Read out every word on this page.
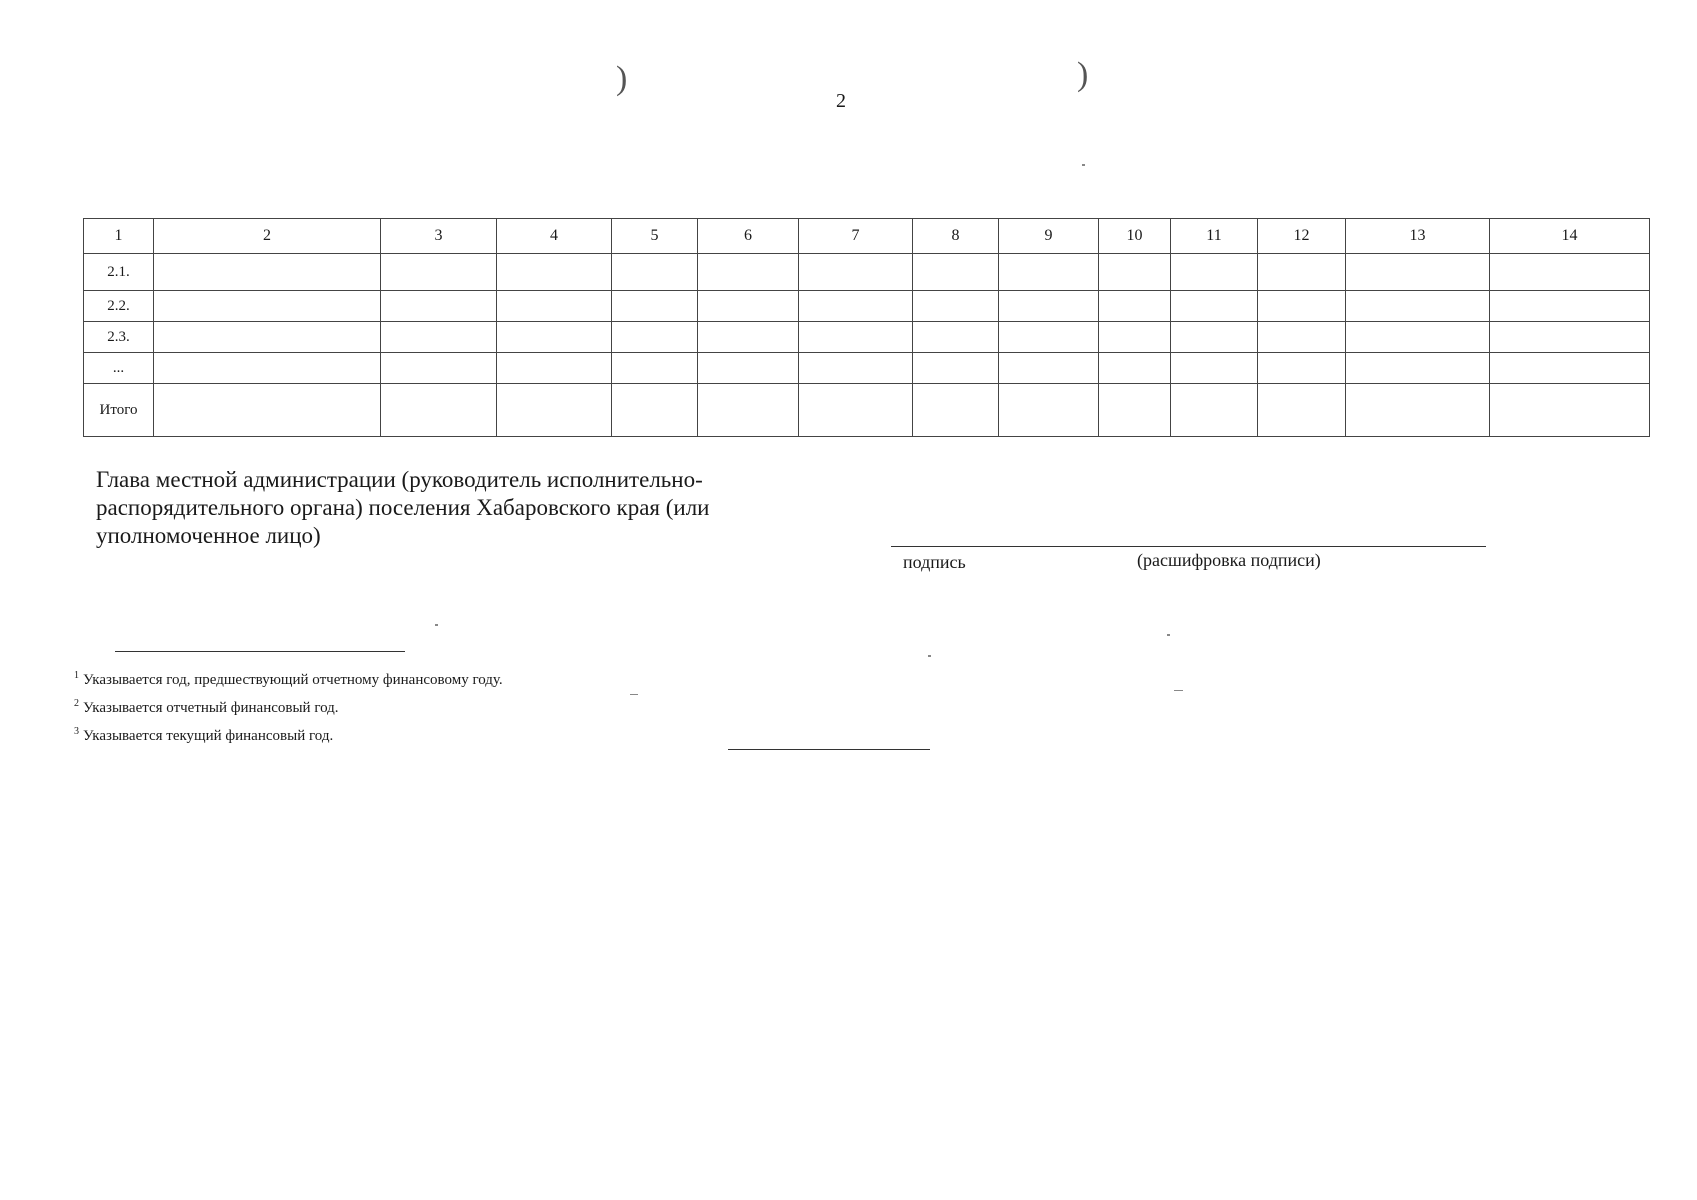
2
)	)
1	2	3	4	5	6	7	8	9	10	11	12	13	14
2.1.													
2.2.													
2.3.													
...													
Итого													
Глава местной администрации (руководитель исполнительно-
распорядительного органа) поселения Хабаровского края (или
уполномоченное лицо)
подпись	(расшифровка подписи)
$^1$ Указывается год, предшествующий отчетному финансовому году.
$^2$ Указывается отчетный финансовый год.
$^3$ Указывается текущий финансовый год.
